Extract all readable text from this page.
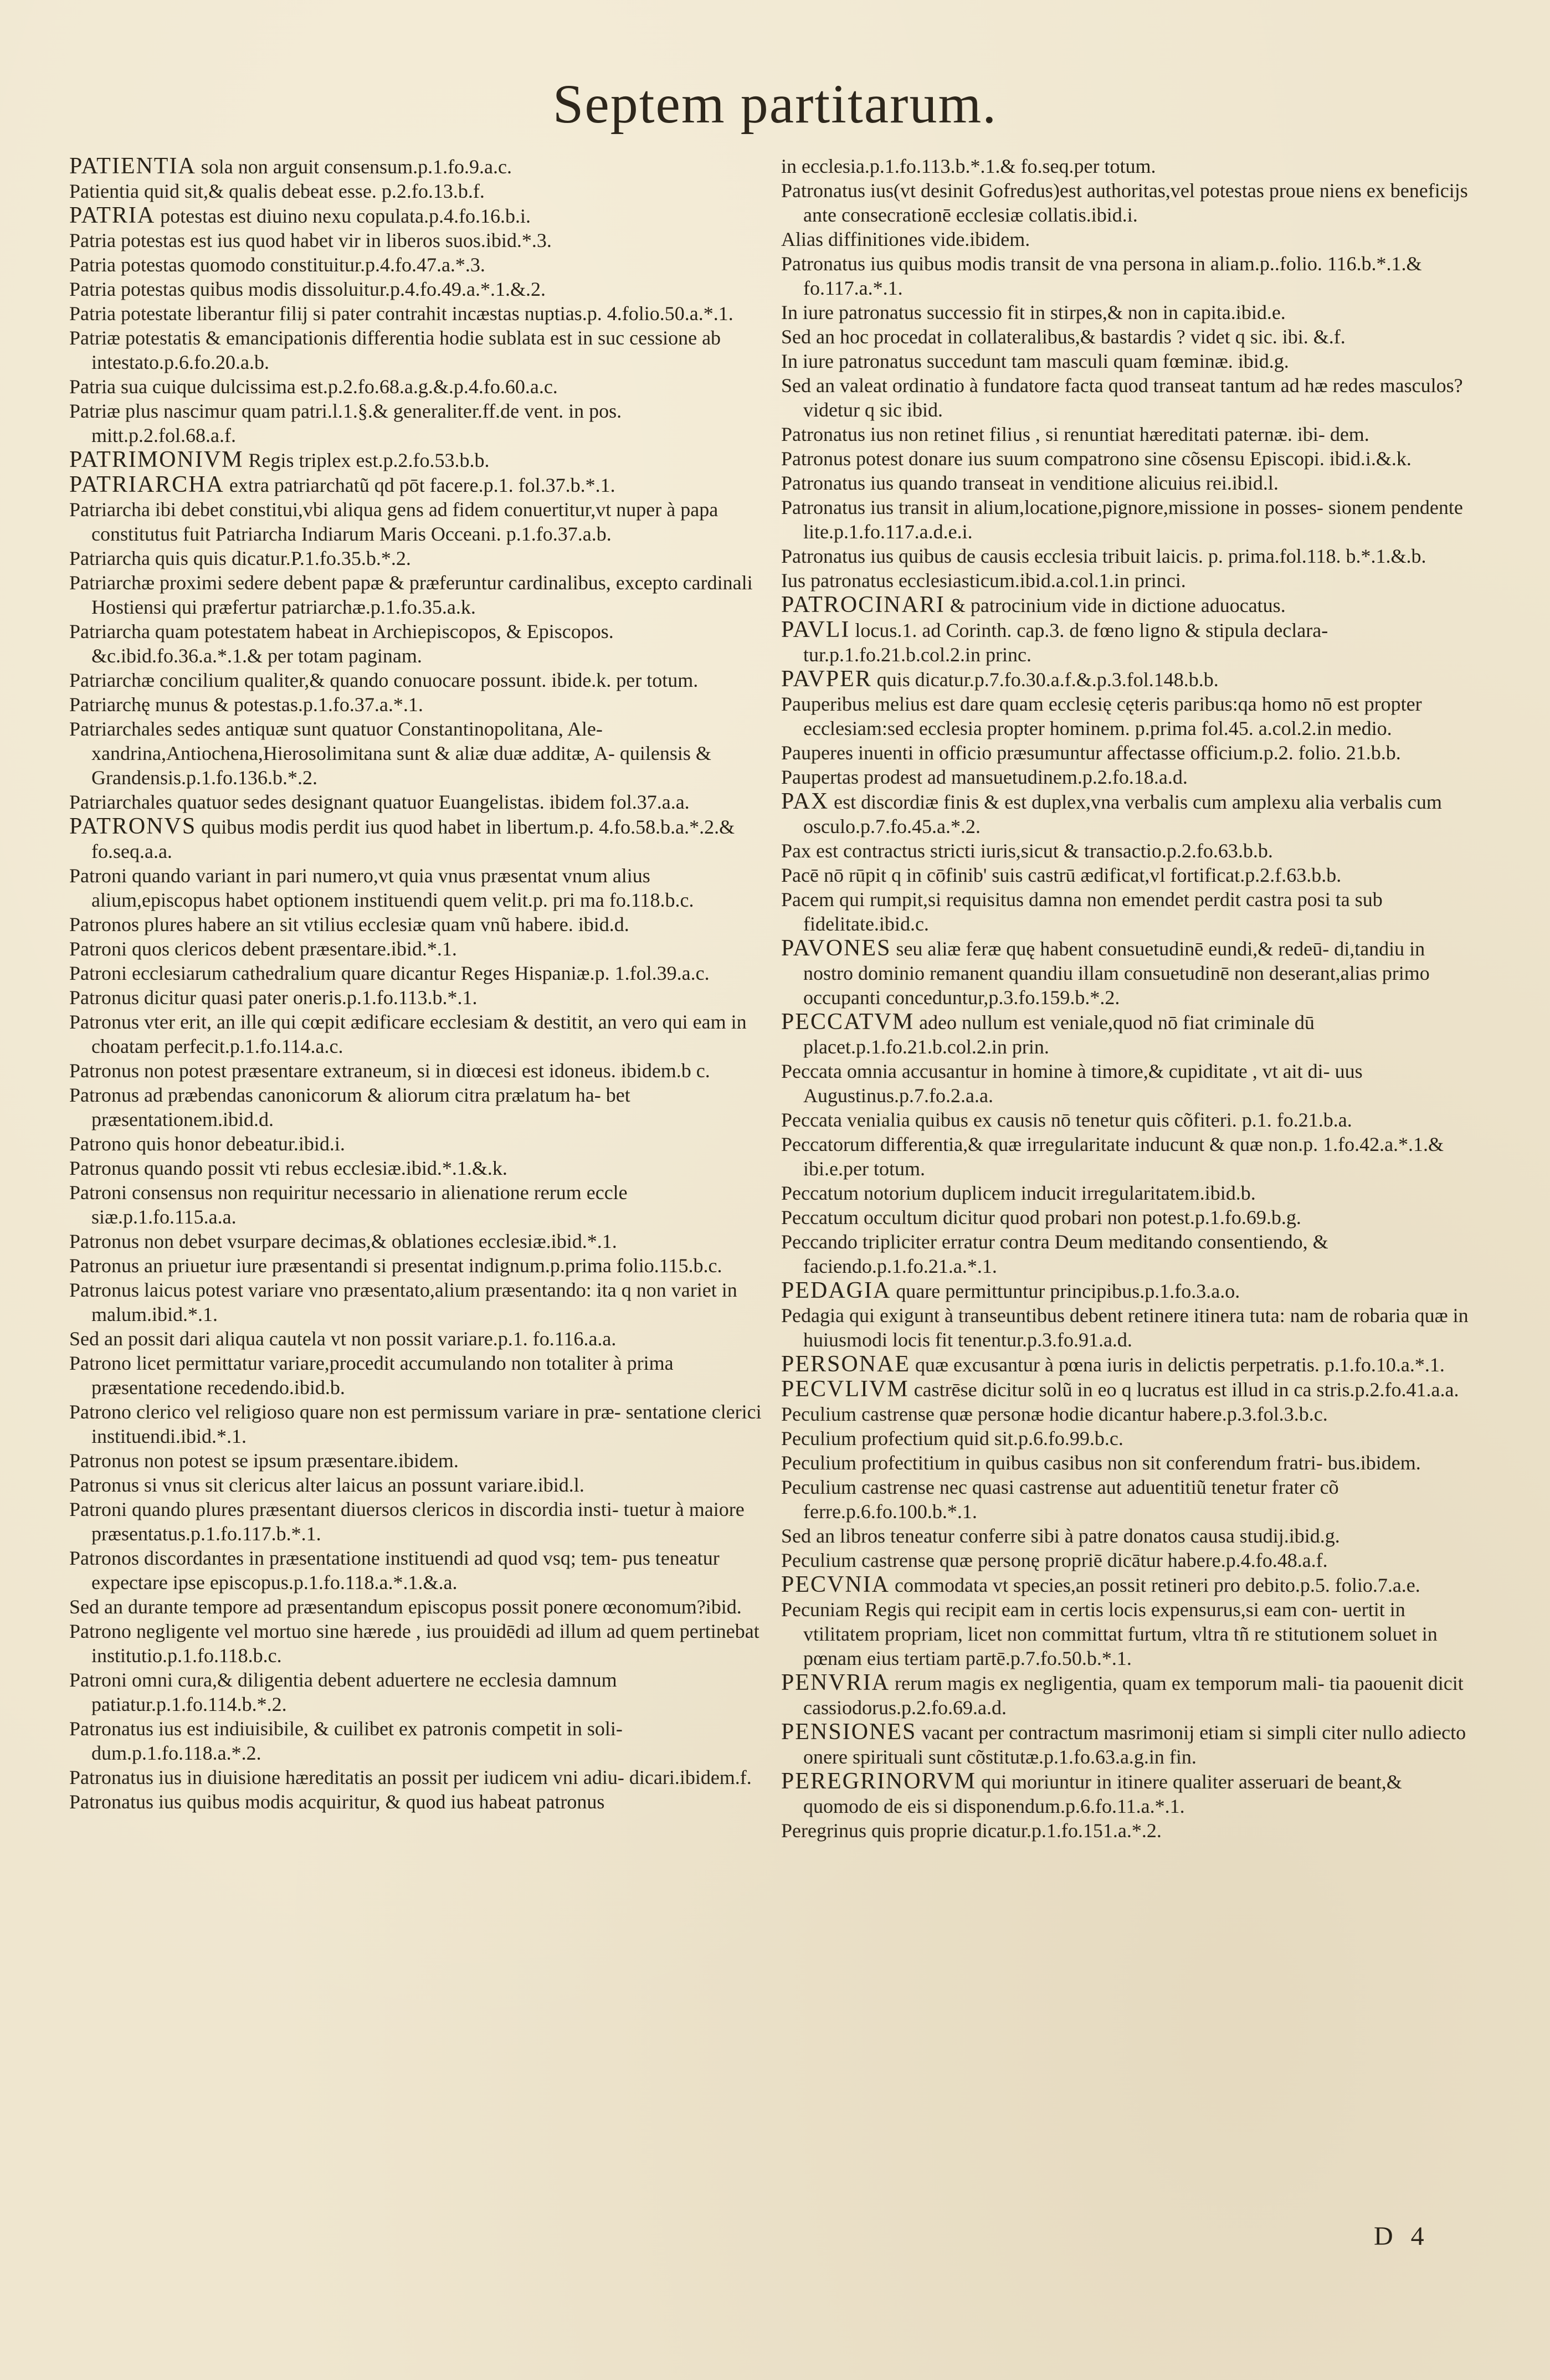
Septem partitarum.

PATIENTIA sola non arguit consensum.p.1.fo.9.a.c.

Patientia quid sit,& qualis debeat esse. p.2.fo.13.b.f.

PATRIA potestas est diuino nexu copulata.p.4.fo.16.b.i.

Patria potestas est ius quod habet vir in liberos suos.ibid.*.3.

Patria potestas quomodo constituitur.p.4.fo.47.a.*.3.

Patria potestas quibus modis dissoluitur.p.4.fo.49.a.*.1.&.2.

Patria potestate liberantur filij si pater contrahit incæstas nuptias.p. 4.folio.50.a.*.1.

Patriæ potestatis & emancipationis differentia hodie sublata est in suc cessione ab intestato.p.6.fo.20.a.b.

Patria sua cuique dulcissima est.p.2.fo.68.a.g.&.p.4.fo.60.a.c.

Patriæ plus nascimur quam patri.l.1.§.& generaliter.ff.de vent. in pos. mitt.p.2.fol.68.a.f.

PATRIMONIVM Regis triplex est.p.2.fo.53.b.b.

PATRIARCHA extra patriarchatũ qd pōt facere.p.1. fol.37.b.*.1.

Patriarcha ibi debet constitui,vbi aliqua gens ad fidem conuertitur,vt nuper à papa constitutus fuit Patriarcha Indiarum Maris Occeani. p.1.fo.37.a.b.

Patriarcha quis quis dicatur.P.1.fo.35.b.*.2.

Patriarchæ proximi sedere debent papæ & præferuntur cardinalibus, excepto cardinali Hostiensi qui præfertur patriarchæ.p.1.fo.35.a.k.

Patriarcha quam potestatem habeat in Archiepiscopos, & Episcopos. &c.ibid.fo.36.a.*.1.& per totam paginam.

Patriarchæ concilium qualiter,& quando conuocare possunt. ibide.k. per totum.

Patriarchę munus & potestas.p.1.fo.37.a.*.1.

Patriarchales sedes antiquæ sunt quatuor Constantinopolitana, Ale- xandrina,Antiochena,Hierosolimitana sunt & aliæ duæ additæ, A- quilensis & Grandensis.p.1.fo.136.b.*.2.

Patriarchales quatuor sedes designant quatuor Euangelistas. ibidem fol.37.a.a.

PATRONVS quibus modis perdit ius quod habet in libertum.p. 4.fo.58.b.a.*.2.& fo.seq.a.a.

Patroni quando variant in pari numero,vt quia vnus præsentat vnum alius alium,episcopus habet optionem instituendi quem velit.p. pri ma fo.118.b.c.

Patronos plures habere an sit vtilius ecclesiæ quam vnũ habere. ibid.d.

Patroni quos clericos debent præsentare.ibid.*.1.

Patroni ecclesiarum cathedralium quare dicantur Reges Hispaniæ.p. 1.fol.39.a.c.

Patronus dicitur quasi pater oneris.p.1.fo.113.b.*.1.

Patronus vter erit, an ille qui cœpit ædificare ecclesiam & destitit, an vero qui eam in choatam perfecit.p.1.fo.114.a.c.

Patronus non potest præsentare extraneum, si in diœcesi est idoneus. ibidem.b c.

Patronus ad præbendas canonicorum & aliorum citra prælatum ha- bet præsentationem.ibid.d.

Patrono quis honor debeatur.ibid.i.

Patronus quando possit vti rebus ecclesiæ.ibid.*.1.&.k.

Patroni consensus non requiritur necessario in alienatione rerum eccle siæ.p.1.fo.115.a.a.

Patronus non debet vsurpare decimas,& oblationes ecclesiæ.ibid.*.1.

Patronus an priuetur iure præsentandi si presentat indignum.p.prima folio.115.b.c.

Patronus laicus potest variare vno præsentato,alium præsentando: ita q non variet in malum.ibid.*.1.

Sed an possit dari aliqua cautela vt non possit variare.p.1. fo.116.a.a.

Patrono licet permittatur variare,procedit accumulando non totaliter à prima præsentatione recedendo.ibid.b.

Patrono clerico vel religioso quare non est permissum variare in præ- sentatione clerici instituendi.ibid.*.1.

Patronus non potest se ipsum præsentare.ibidem.

Patronus si vnus sit clericus alter laicus an possunt variare.ibid.l.

Patroni quando plures præsentant diuersos clericos in discordia insti- tuetur à maiore præsentatus.p.1.fo.117.b.*.1.

Patronos discordantes in præsentatione instituendi ad quod vsq; tem- pus teneatur expectare ipse episcopus.p.1.fo.118.a.*.1.&.a.

Sed an durante tempore ad præsentandum episcopus possit ponere œconomum?ibid.

Patrono negligente vel mortuo sine hærede , ius prouidēdi ad illum ad quem pertinebat institutio.p.1.fo.118.b.c.

Patroni omni cura,& diligentia debent aduertere ne ecclesia damnum patiatur.p.1.fo.114.b.*.2.

Patronatus ius est indiuisibile, & cuilibet ex patronis competit in soli- dum.p.1.fo.118.a.*.2.

Patronatus ius in diuisione hæreditatis an possit per iudicem vni adiu- dicari.ibidem.f.

Patronatus ius quibus modis acquiritur, & quod ius habeat patronus

in ecclesia.p.1.fo.113.b.*.1.& fo.seq.per totum.

Patronatus ius(vt desinit Gofredus)est authoritas,vel potestas proue niens ex beneficijs ante consecrationē ecclesiæ collatis.ibid.i.

Alias diffinitiones vide.ibidem.

Patronatus ius quibus modis transit de vna persona in aliam.p..folio. 116.b.*.1.& fo.117.a.*.1.

In iure patronatus successio fit in stirpes,& non in capita.ibid.e.

Sed an hoc procedat in collateralibus,& bastardis ? videt q sic. ibi. &.f.

In iure patronatus succedunt tam masculi quam fœminæ. ibid.g.

Sed an valeat ordinatio à fundatore facta quod transeat tantum ad hæ redes masculos? videtur q sic ibid.

Patronatus ius non retinet filius , si renuntiat hæreditati paternæ. ibi- dem.

Patronus potest donare ius suum compatrono sine cõsensu Episcopi. ibid.i.&.k.

Patronatus ius quando transeat in venditione alicuius rei.ibid.l.

Patronatus ius transit in alium,locatione,pignore,missione in posses- sionem pendente lite.p.1.fo.117.a.d.e.i.

Patronatus ius quibus de causis ecclesia tribuit laicis. p. prima.fol.118. b.*.1.&.b.

Ius patronatus ecclesiasticum.ibid.a.col.1.in princi.

PATROCINARI & patrocinium vide in dictione aduocatus.

PAVLI locus.1. ad Corinth. cap.3. de fœno ligno & stipula declara- tur.p.1.fo.21.b.col.2.in princ.

PAVPER quis dicatur.p.7.fo.30.a.f.&.p.3.fol.148.b.b.

Pauperibus melius est dare quam ecclesię cęteris paribus:qa homo nō est propter ecclesiam:sed ecclesia propter hominem. p.prima fol.45. a.col.2.in medio.

Pauperes inuenti in officio præsumuntur affectasse officium.p.2. folio. 21.b.b.

Paupertas prodest ad mansuetudinem.p.2.fo.18.a.d.

PAX est discordiæ finis & est duplex,vna verbalis cum amplexu alia verbalis cum osculo.p.7.fo.45.a.*.2.

Pax est contractus stricti iuris,sicut & transactio.p.2.fo.63.b.b.

Pacē nō rūpit q in cōfinib' suis castrū ædificat,vl fortificat.p.2.f.63.b.b.

Pacem qui rumpit,si requisitus damna non emendet perdit castra posi ta sub fidelitate.ibid.c.

PAVONES seu aliæ feræ quę habent consuetudinē eundi,& redeū- di,tandiu in nostro dominio remanent quandiu illam consuetudinē non deserant,alias primo occupanti conceduntur,p.3.fo.159.b.*.2.

PECCATVM adeo nullum est veniale,quod nō fiat criminale dū placet.p.1.fo.21.b.col.2.in prin.

Peccata omnia accusantur in homine à timore,& cupiditate , vt ait di- uus Augustinus.p.7.fo.2.a.a.

Peccata venialia quibus ex causis nō tenetur quis cõfiteri. p.1. fo.21.b.a.

Peccatorum differentia,& quæ irregularitate inducunt & quæ non.p. 1.fo.42.a.*.1.& ibi.e.per totum.

Peccatum notorium duplicem inducit irregularitatem.ibid.b.

Peccatum occultum dicitur quod probari non potest.p.1.fo.69.b.g.

Peccando tripliciter erratur contra Deum meditando consentiendo, & faciendo.p.1.fo.21.a.*.1.

PEDAGIA quare permittuntur principibus.p.1.fo.3.a.o.

Pedagia qui exigunt à transeuntibus debent retinere itinera tuta: nam de robaria quæ in huiusmodi locis fit tenentur.p.3.fo.91.a.d.

PERSONAE quæ excusantur à pœna iuris in delictis perpetratis. p.1.fo.10.a.*.1.

PECVLIVM castrēse dicitur solũ in eo q lucratus est illud in ca stris.p.2.fo.41.a.a.

Peculium castrense quæ personæ hodie dicantur habere.p.3.fol.3.b.c.

Peculium profectium quid sit.p.6.fo.99.b.c.

Peculium profectitium in quibus casibus non sit conferendum fratri- bus.ibidem.

Peculium castrense nec quasi castrense aut aduentitiũ tenetur frater cõ ferre.p.6.fo.100.b.*.1.

Sed an libros teneatur conferre sibi à patre donatos causa studij.ibid.g.

Peculium castrense quæ personę propriē dicātur habere.p.4.fo.48.a.f.

PECVNIA commodata vt species,an possit retineri pro debito.p.5. folio.7.a.e.

Pecuniam Regis qui recipit eam in certis locis expensurus,si eam con- uertit in vtilitatem propriam, licet non committat furtum, vltra tñ re stitutionem soluet in pœnam eius tertiam partē.p.7.fo.50.b.*.1.

PENVRIA rerum magis ex negligentia, quam ex temporum mali- tia paouenit dicit cassiodorus.p.2.fo.69.a.d.

PENSIONES vacant per contractum masrimonij etiam si simpli citer nullo adiecto onere spirituali sunt cõstitutæ.p.1.fo.63.a.g.in fin.

PEREGRINORVM qui moriuntur in itinere qualiter asseruari de beant,& quomodo de eis si disponendum.p.6.fo.11.a.*.1.

Peregrinus quis proprie dicatur.p.1.fo.151.a.*.2.

D 4
